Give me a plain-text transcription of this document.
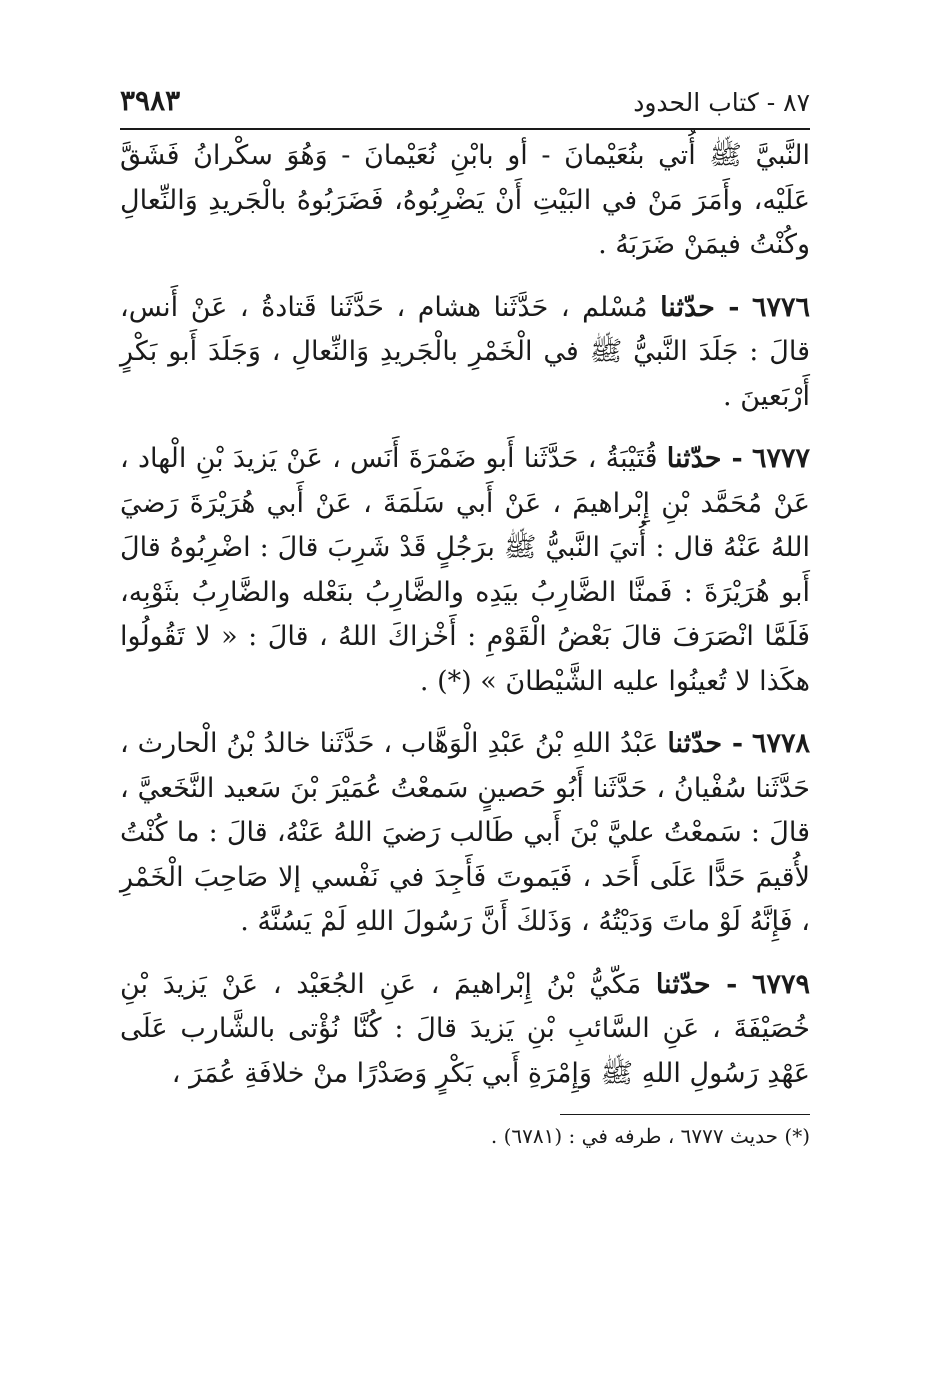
٨٧ - كتاب الحدود
٣٩٨٣

النَّبيَّ ﷺ أُتي بنُعَيْمانَ - أو بابْنِ نُعَيْمانَ - وَهُوَ سكْرانُ فَشَقَّ عَلَيْه، وأَمَرَ مَنْ في البَيْتِ أَنْ يَضْرِبُوهُ، فَضَرَبُوهُ بالْجَريدِ وَالنِّعالِ وكُنْتُ فيمَنْ ضَرَبَهُ .

٦٧٧٦ - حدّثنا مُسْلم ، حَدَّثَنا هشام ، حَدَّثَنا قَتادةُ ، عَنْ أَنس، قالَ : جَلَدَ النَّبيُّ ﷺ في الْخَمْرِ بالْجَريدِ وَالنِّعالِ ، وَجَلَدَ أَبو بَكْرٍ أَرْبَعينَ .

٦٧٧٧ - حدّثنا قُتَيْبَةُ ، حَدَّثَنا أَبو ضَمْرَةَ أَنَس ، عَنْ يَزيدَ بْنِ الْهاد ، عَنْ مُحَمَّد بْنِ إِبْراهيمَ ، عَنْ أَبي سَلَمَةَ ، عَنْ أَبي هُرَيْرَةَ رَضيَ اللهُ عَنْهُ قال : أُتيَ النَّبيُّ ﷺ برَجُلٍ قَدْ شَرِبَ قالَ : اضْرِبُوهُ قالَ أَبو هُرَيْرَةَ : فَمنَّا الضَّارِبُ بيَدِه والضَّارِبُ بنَعْله والضَّارِبُ بثَوْبِه، فَلَمَّا انْصَرَفَ قالَ بَعْضُ الْقَوْمِ : أَخْزاكَ اللهُ ، قالَ : « لا تَقُولُوا هكَذا لا تُعينُوا عليه الشَّيْطانَ » (*) .

٦٧٧٨ - حدّثنا عَبْدُ اللهِ بْنُ عَبْدِ الْوَهَّاب ، حَدَّثَنا خالدُ بْنُ الْحارث ، حَدَّثَنا سُفْيانُ ، حَدَّثَنا أَبُو حَصينٍ سَمعْتُ عُمَيْرَ بْنَ سَعيد النَّخَعيَّ ، قالَ : سَمعْتُ عليَّ بْنَ أَبي طَالب رَضيَ اللهُ عَنْهُ، قالَ : ما كُنْتُ لأُقيمَ حَدًّا عَلَى أَحَد ، فَيَموتَ فَأَجِدَ في نَفْسي إلا صَاحِبَ الْخَمْرِ ، فَإِنَّهُ لَوْ ماتَ وَدَيْتُهُ ، وَذَلكَ أَنَّ رَسُولَ اللهِ لَمْ يَسُنَّهُ .

٦٧٧٩ - حدّثنا مَكّيُّ بْنُ إِبْراهيمَ ، عَنِ الجُعَيْد ، عَنْ يَزيدَ بْنِ خُصَيْفَةَ ، عَنِ السَّائبِ بْنِ يَزيدَ قالَ : كُنَّا نُؤْتى بالشَّارب عَلَى عَهْدِ رَسُولِ اللهِ ﷺ وَإِمْرَةِ أَبي بَكْرٍ وَصَدْرًا منْ خلافَةِ عُمَرَ ،

(*) حديث ٦٧٧٧ ، طرفه في : (٦٧٨١) .
